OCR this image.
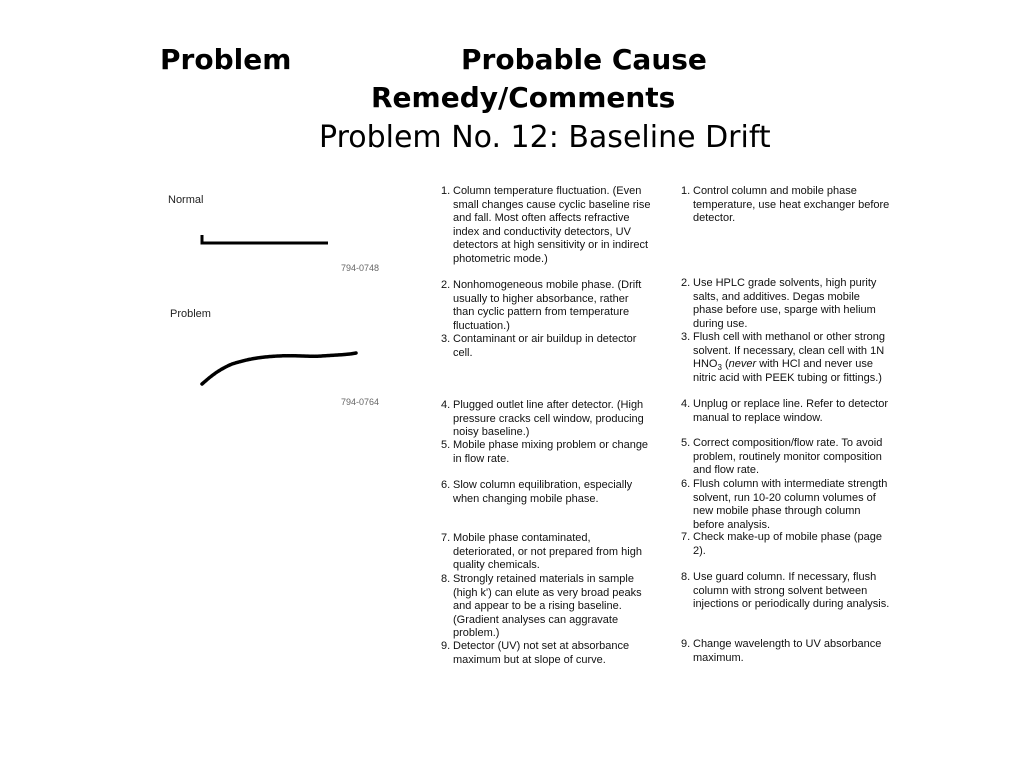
Problem	Probable Cause
Remedy/Comments
Problem No. 12: Baseline Drift
Normal
794-0748
Problem
794-0764
1. Column temperature fluctuation. (Even small changes cause cyclic baseline rise and fall. Most often affects refractive index and conductivity detectors, UV detectors at high sensitivity or in indirect photometric mode.)
2. Nonhomogeneous mobile phase. (Drift usually to higher absorbance, rather than cyclic pattern from temperature fluctuation.)
3. Contaminant or air buildup in detector cell.
4. Plugged outlet line after detector. (High pressure cracks cell window, producing noisy baseline.)
5. Mobile phase mixing problem or change in flow rate.
6. Slow column equilibration, especially when changing mobile phase.
7. Mobile phase contaminated, deteriorated, or not prepared from high quality chemicals.
8. Strongly retained materials in sample (high k') can elute as very broad peaks and appear to be a rising baseline. (Gradient analyses can aggravate problem.)
9. Detector (UV) not set at absorbance maximum but at slope of curve.
1. Control column and mobile phase temperature, use heat exchanger before detector.
2. Use HPLC grade solvents, high purity salts, and additives. Degas mobile phase before use, sparge with helium during use.
3. Flush cell with methanol or other strong solvent. If necessary, clean cell with 1N $HNO_3$ (never with HCl and never use nitric acid with PEEK tubing or fittings.)
4. Unplug or replace line. Refer to detector manual to replace window.
5. Correct composition/flow rate. To avoid problem, routinely monitor composition and flow rate.
6. Flush column with intermediate strength solvent, run 10-20 column volumes of new mobile phase through column before analysis.
7. Check make-up of mobile phase (page 2).
8. Use guard column. If necessary, flush column with strong solvent between injections or periodically during analysis.
9. Change wavelength to UV absorbance maximum.
